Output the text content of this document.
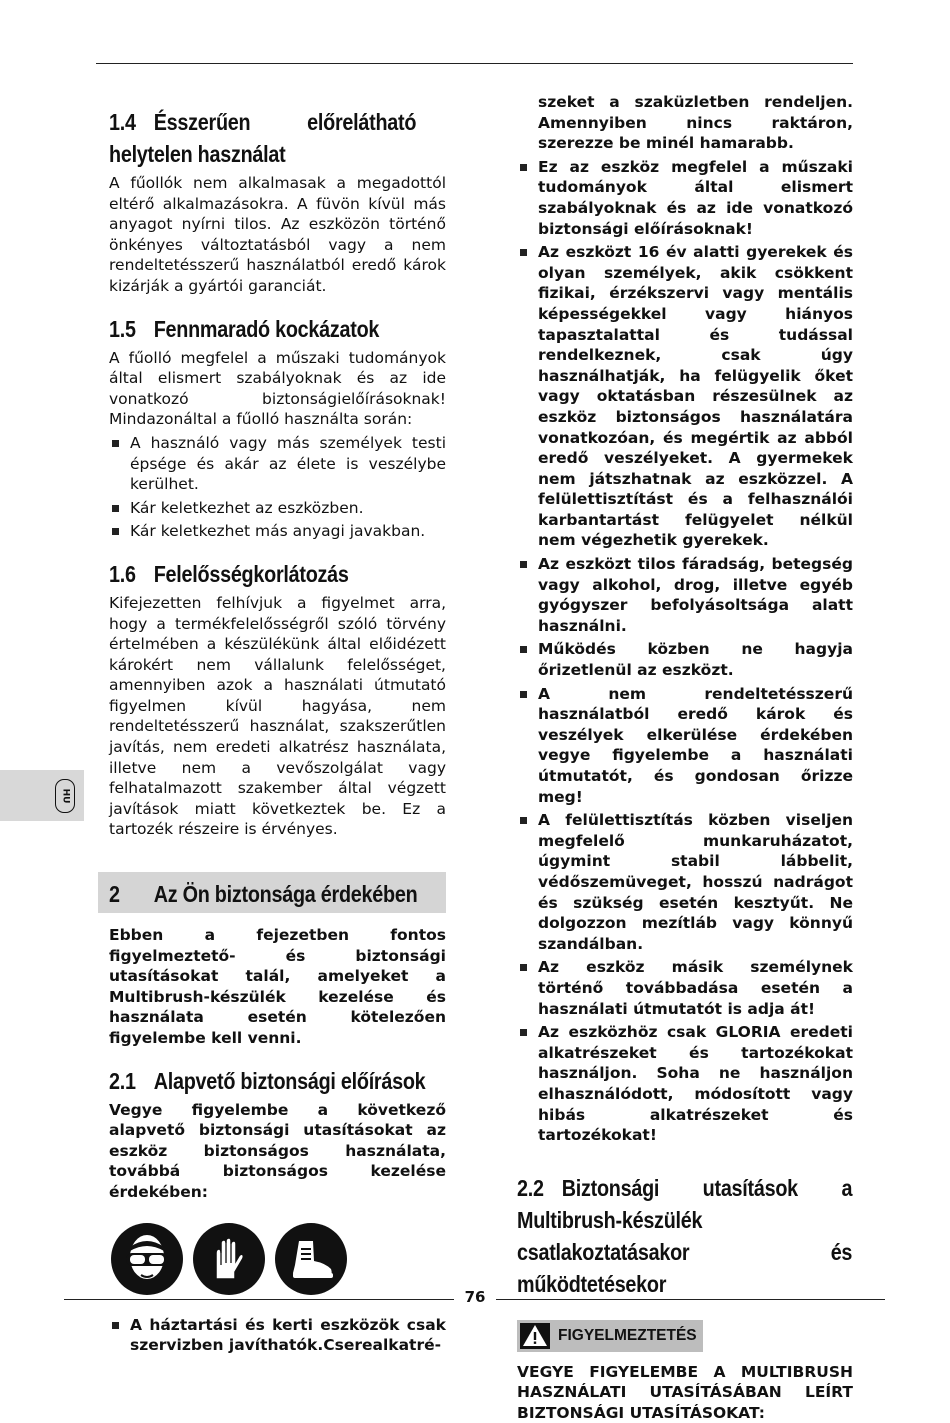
HU
1.4 Ésszerűen előrelátható
helytelen használat

A fűollók nem alkalmasak a megadottól eltérő alkalmazásokra. A füvön kívül más anyagot nyírni tilos. Az eszközön történő önkényes változtatásból vagy a nem rendeltetésszerű használatból eredő károk kizárják a gyártói garanciát.

1.5 Fennmaradó kockázatok

A fűolló megfelel a műszaki tudományok által elismert szabályoknak és az ide vonatkozó biztonságielőírásoknak! Mindazonáltal a fűolló használta során:

A használó vagy más személyek testi épsége és akár az élete is veszélybe kerülhet.
Kár keletkezhet az eszközben.
Kár keletkezhet más anyagi javakban.
1.6 Felelősségkorlátozás

Kifejezetten felhívjuk a figyelmet arra, hogy a termékfelelősségről szóló törvény értelmében a készülékünk által előidézett károkért nem vállalunk felelősséget, amennyiben azok a használati útmutató figyelmen kívül hagyása, nem rendeltetésszerű használat, szakszerűtlen javítás, nem eredeti alkatrész használata, illetve nem a vevőszolgálat vagy felhatalmazott szakember által végzett javítások miatt következtek be. Ez a tartozék részeire is érvényes.

2 Az Ön biztonsága érdekében

Ebben a fejezetben fontos figyelmeztető- és biztonsági utasításokat talál, amelyeket a Multibrush-készülék kezelése és használata esetén kötelezően figyelembe kell venni.

2.1 Alapvető biztonsági előírások

Vegye figyelembe a következő alapvető biztonsági utasításokat az eszköz biztonságos használata, továbbá biztonságos kezelése érdekében:

A háztartási és kerti eszközök csak szervizben javíthatók.Cserealkatré-

szeket a szaküzletben rendeljen. Amennyiben nincs raktáron, szerezze be minél hamarabb.

Ez az eszköz megfelel a műszaki tudományok által elismert szabályoknak és az ide vonatkozó biztonsági előírásoknak!
Az eszközt 16 év alatti gyerekek és olyan személyek, akik csökkent fizikai, érzékszervi vagy mentális képességekkel vagy hiányos tapasztalattal és tudással rendelkeznek, csak úgy használhatják, ha felügyelik őket vagy oktatásban részesülnek az eszköz biztonságos használatára vonatkozóan, és megértik az abból eredő veszélyeket. A gyermekek nem játszhatnak az eszközzel. A felülettisztítást és a felhasználói karbantartást felügyelet nélkül nem végezhetik gyerekek.
Az eszközt tilos fáradság, betegség vagy alkohol, drog, illetve egyéb gyógyszer befolyásoltsága alatt használni.
Működés közben ne hagyja őrizetlenül az eszközt.
A nem rendeltetésszerű használatból eredő károk és veszélyek elkerülése érdekében vegye figyelembe a használati útmutatót, és gondosan őrizze meg!
A felülettisztítás közben viseljen megfelelő munkaruházatot, úgymint stabil lábbelit, védőszemüveget, hosszú nadrágot és szükség esetén kesztyűt. Ne dolgozzon mezítláb vagy könnyű szandálban.
Az eszköz másik személynek történő továbbadása esetén a használati útmutatót is adja át!
Az eszközhöz csak GLORIA eredeti alkatrészeket és tartozékokat használjon. Soha ne használjon elhasználódott, módosított vagy hibás alkatrészeket és tartozékokat!
2.2 Biztonsági utasítások a Multibrush-készülék csatlakoztatásakor és működtetésekor
FIGYELMEZTETÉS

VEGYE FIGYELEMBE A MULTIBRUSH HASZNÁLATI UTASÍTÁSÁBAN LEÍRT BIZTONSÁGI UTASÍTÁSOKAT:

76
